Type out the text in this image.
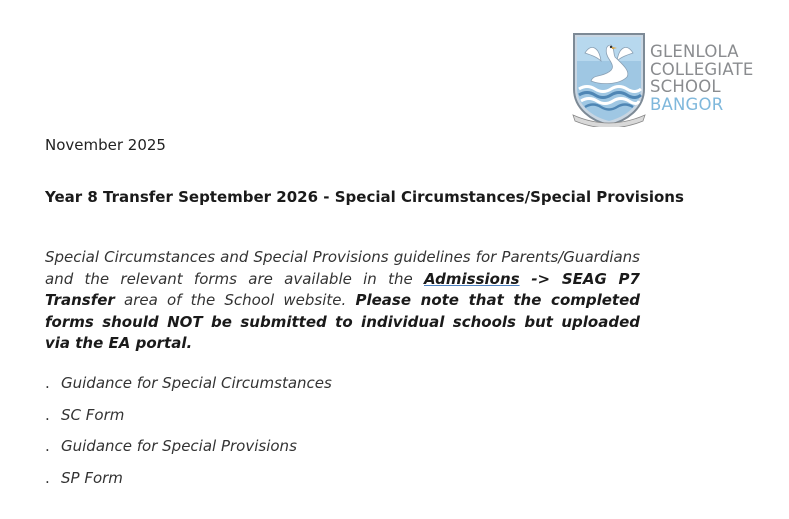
GLENLOLA
COLLEGIATE
SCHOOL
BANGOR
November 2025
Year 8 Transfer September 2026 - Special Circumstances/Special Provisions
Special Circumstances and Special Provisions guidelines for Parents/Guardians and the relevant forms are available in the Admissions -> SEAG P7 Transfer area of the School website. Please note that the completed forms should NOT be submitted to individual schools but uploaded via the EA portal.
. Guidance for Special Circumstances
. SC Form
. Guidance for Special Provisions
. SP Form
